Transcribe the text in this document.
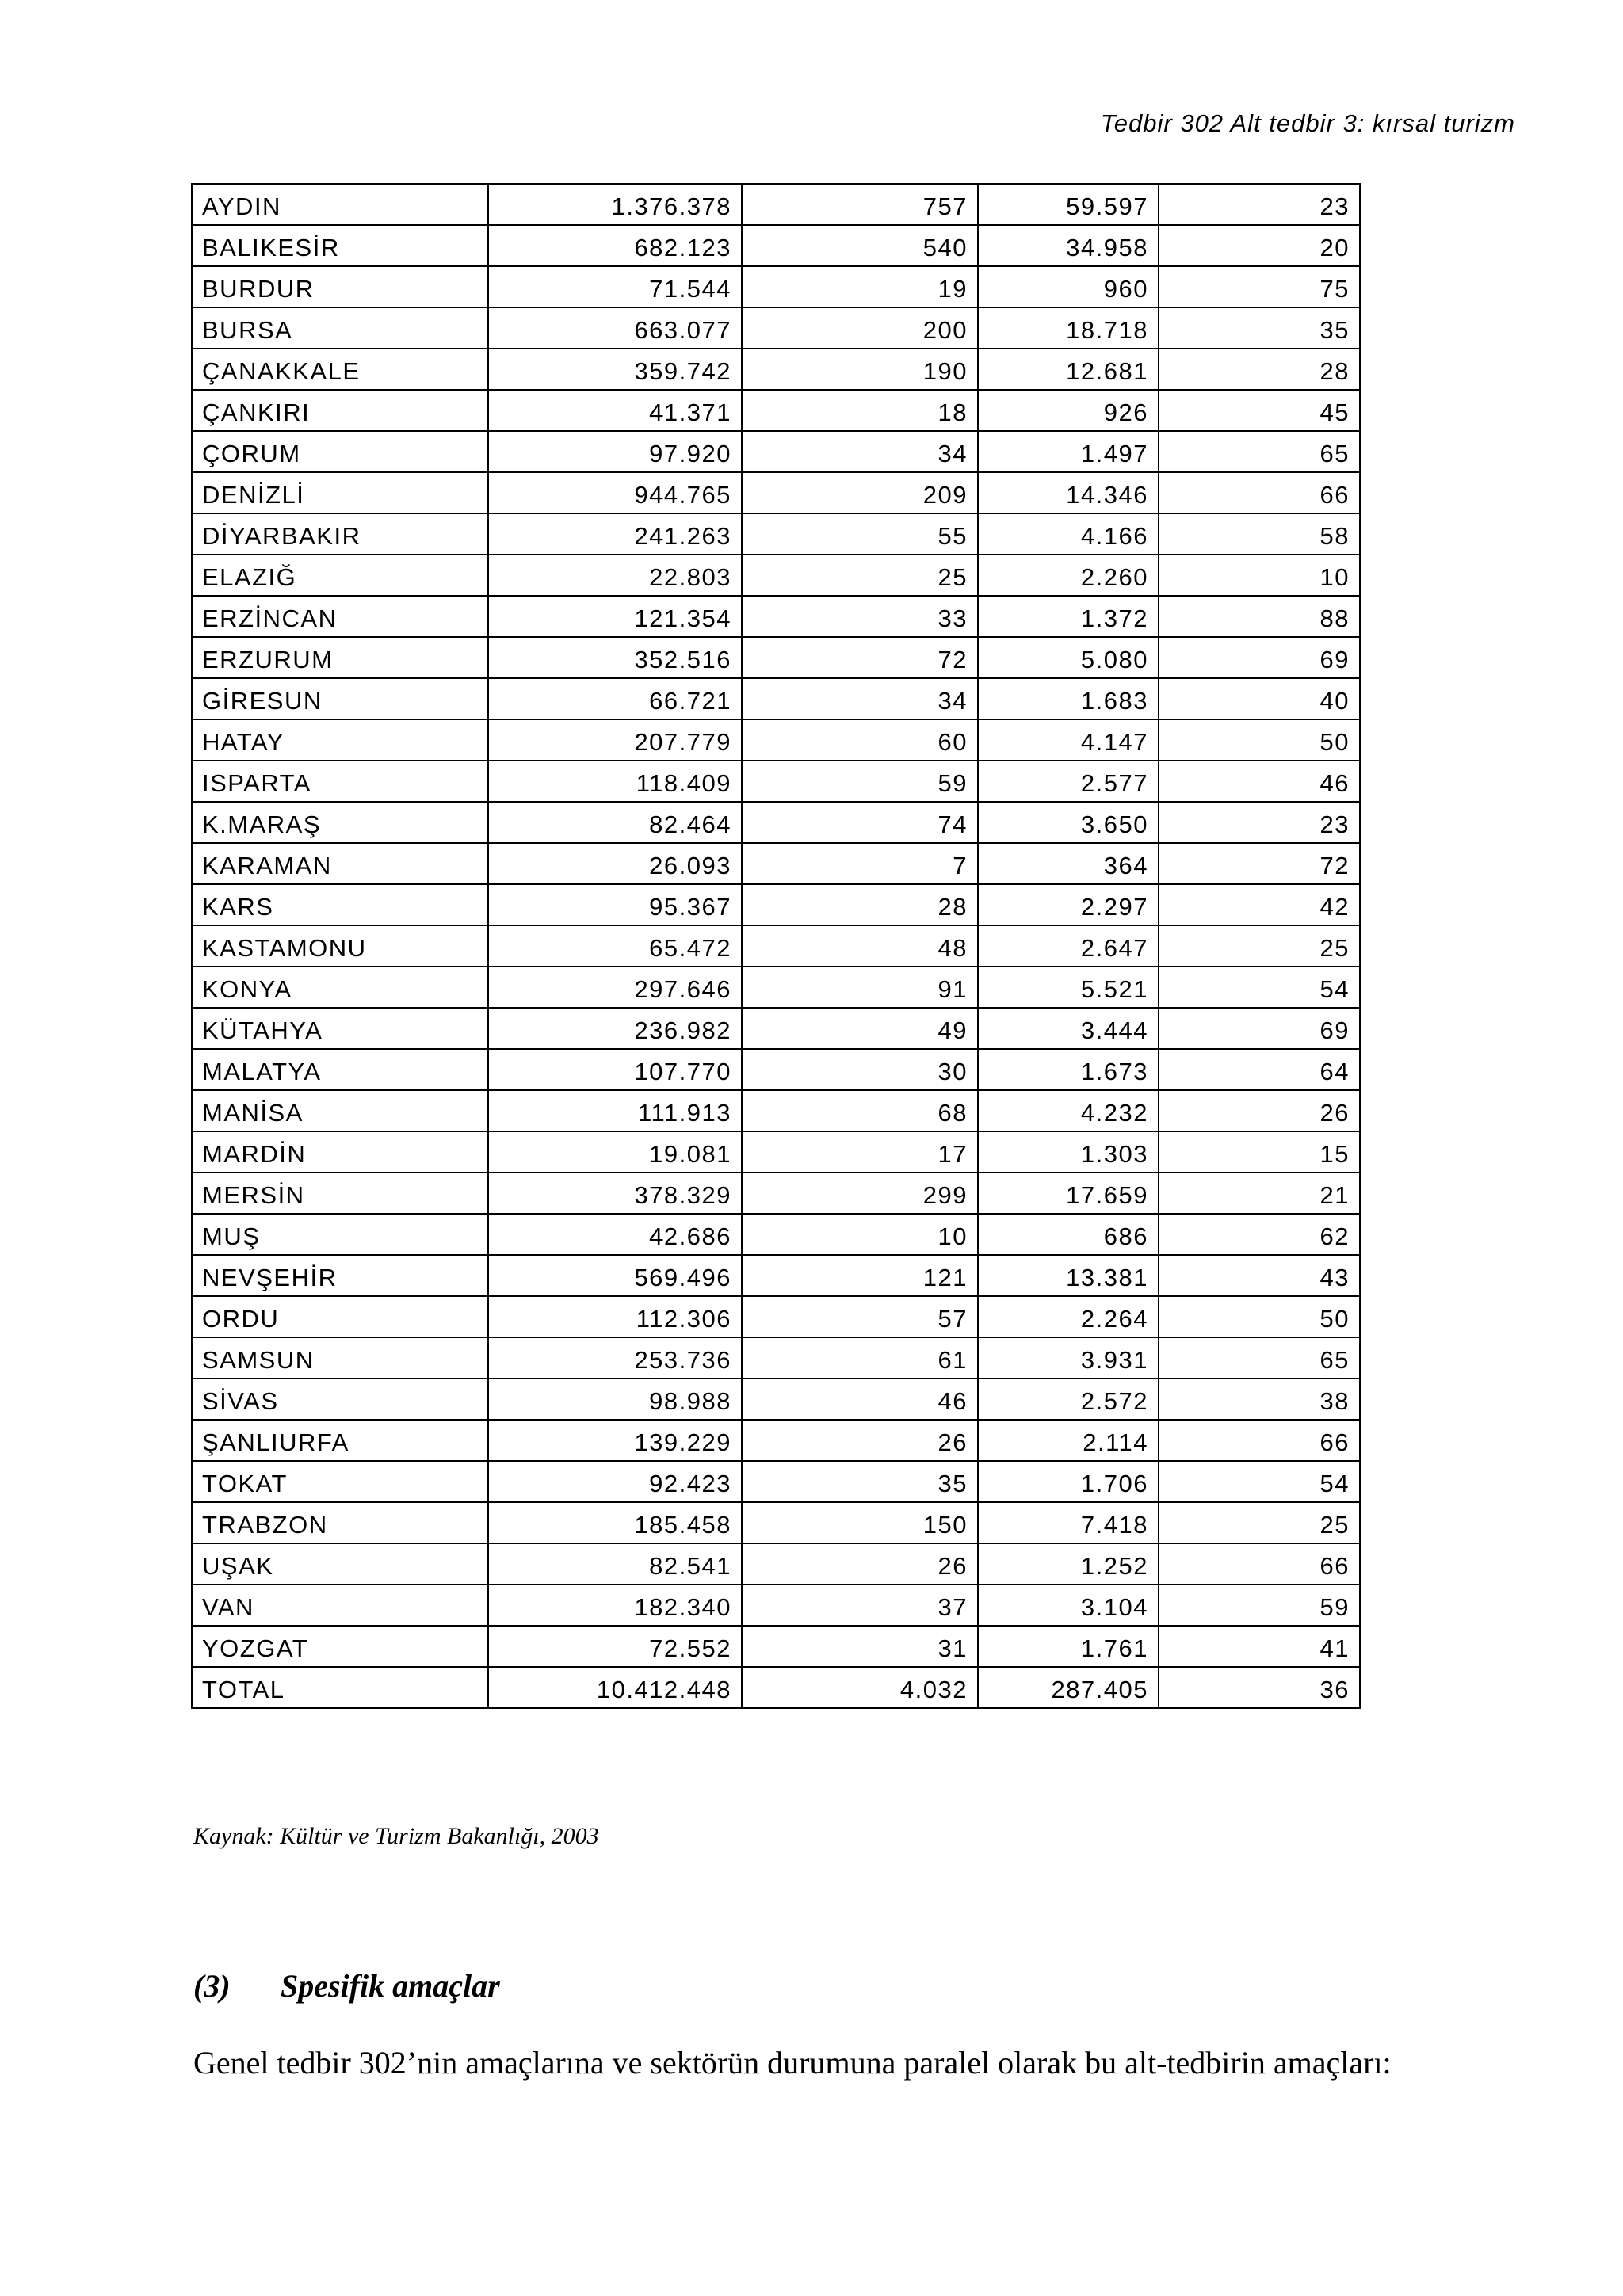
Tedbir 302 Alt tedbir 3: kırsal turizm
AYDIN	1.376.378	757	59.597	23
BALIKESİR	682.123	540	34.958	20
BURDUR	71.544	19	960	75
BURSA	663.077	200	18.718	35
ÇANAKKALE	359.742	190	12.681	28
ÇANKIRI	41.371	18	926	45
ÇORUM	97.920	34	1.497	65
DENİZLİ	944.765	209	14.346	66
DİYARBAKIR	241.263	55	4.166	58
ELAZIĞ	22.803	25	2.260	10
ERZİNCAN	121.354	33	1.372	88
ERZURUM	352.516	72	5.080	69
GİRESUN	66.721	34	1.683	40
HATAY	207.779	60	4.147	50
ISPARTA	118.409	59	2.577	46
K.MARAŞ	82.464	74	3.650	23
KARAMAN	26.093	7	364	72
KARS	95.367	28	2.297	42
KASTAMONU	65.472	48	2.647	25
KONYA	297.646	91	5.521	54
KÜTAHYA	236.982	49	3.444	69
MALATYA	107.770	30	1.673	64
MANİSA	111.913	68	4.232	26
MARDİN	19.081	17	1.303	15
MERSİN	378.329	299	17.659	21
MUŞ	42.686	10	686	62
NEVŞEHİR	569.496	121	13.381	43
ORDU	112.306	57	2.264	50
SAMSUN	253.736	61	3.931	65
SİVAS	98.988	46	2.572	38
ŞANLIURFA	139.229	26	2.114	66
TOKAT	92.423	35	1.706	54
TRABZON	185.458	150	7.418	25
UŞAK	82.541	26	1.252	66
VAN	182.340	37	3.104	59
YOZGAT	72.552	31	1.761	41
TOTAL	10.412.448	4.032	287.405	36
Kaynak: Kültür ve Turizm Bakanlığı, 2003
(3) Spesifik amaçlar
Genel tedbir 302’nin amaçlarına ve sektörün durumuna paralel olarak bu alt-tedbirin amaçları:
